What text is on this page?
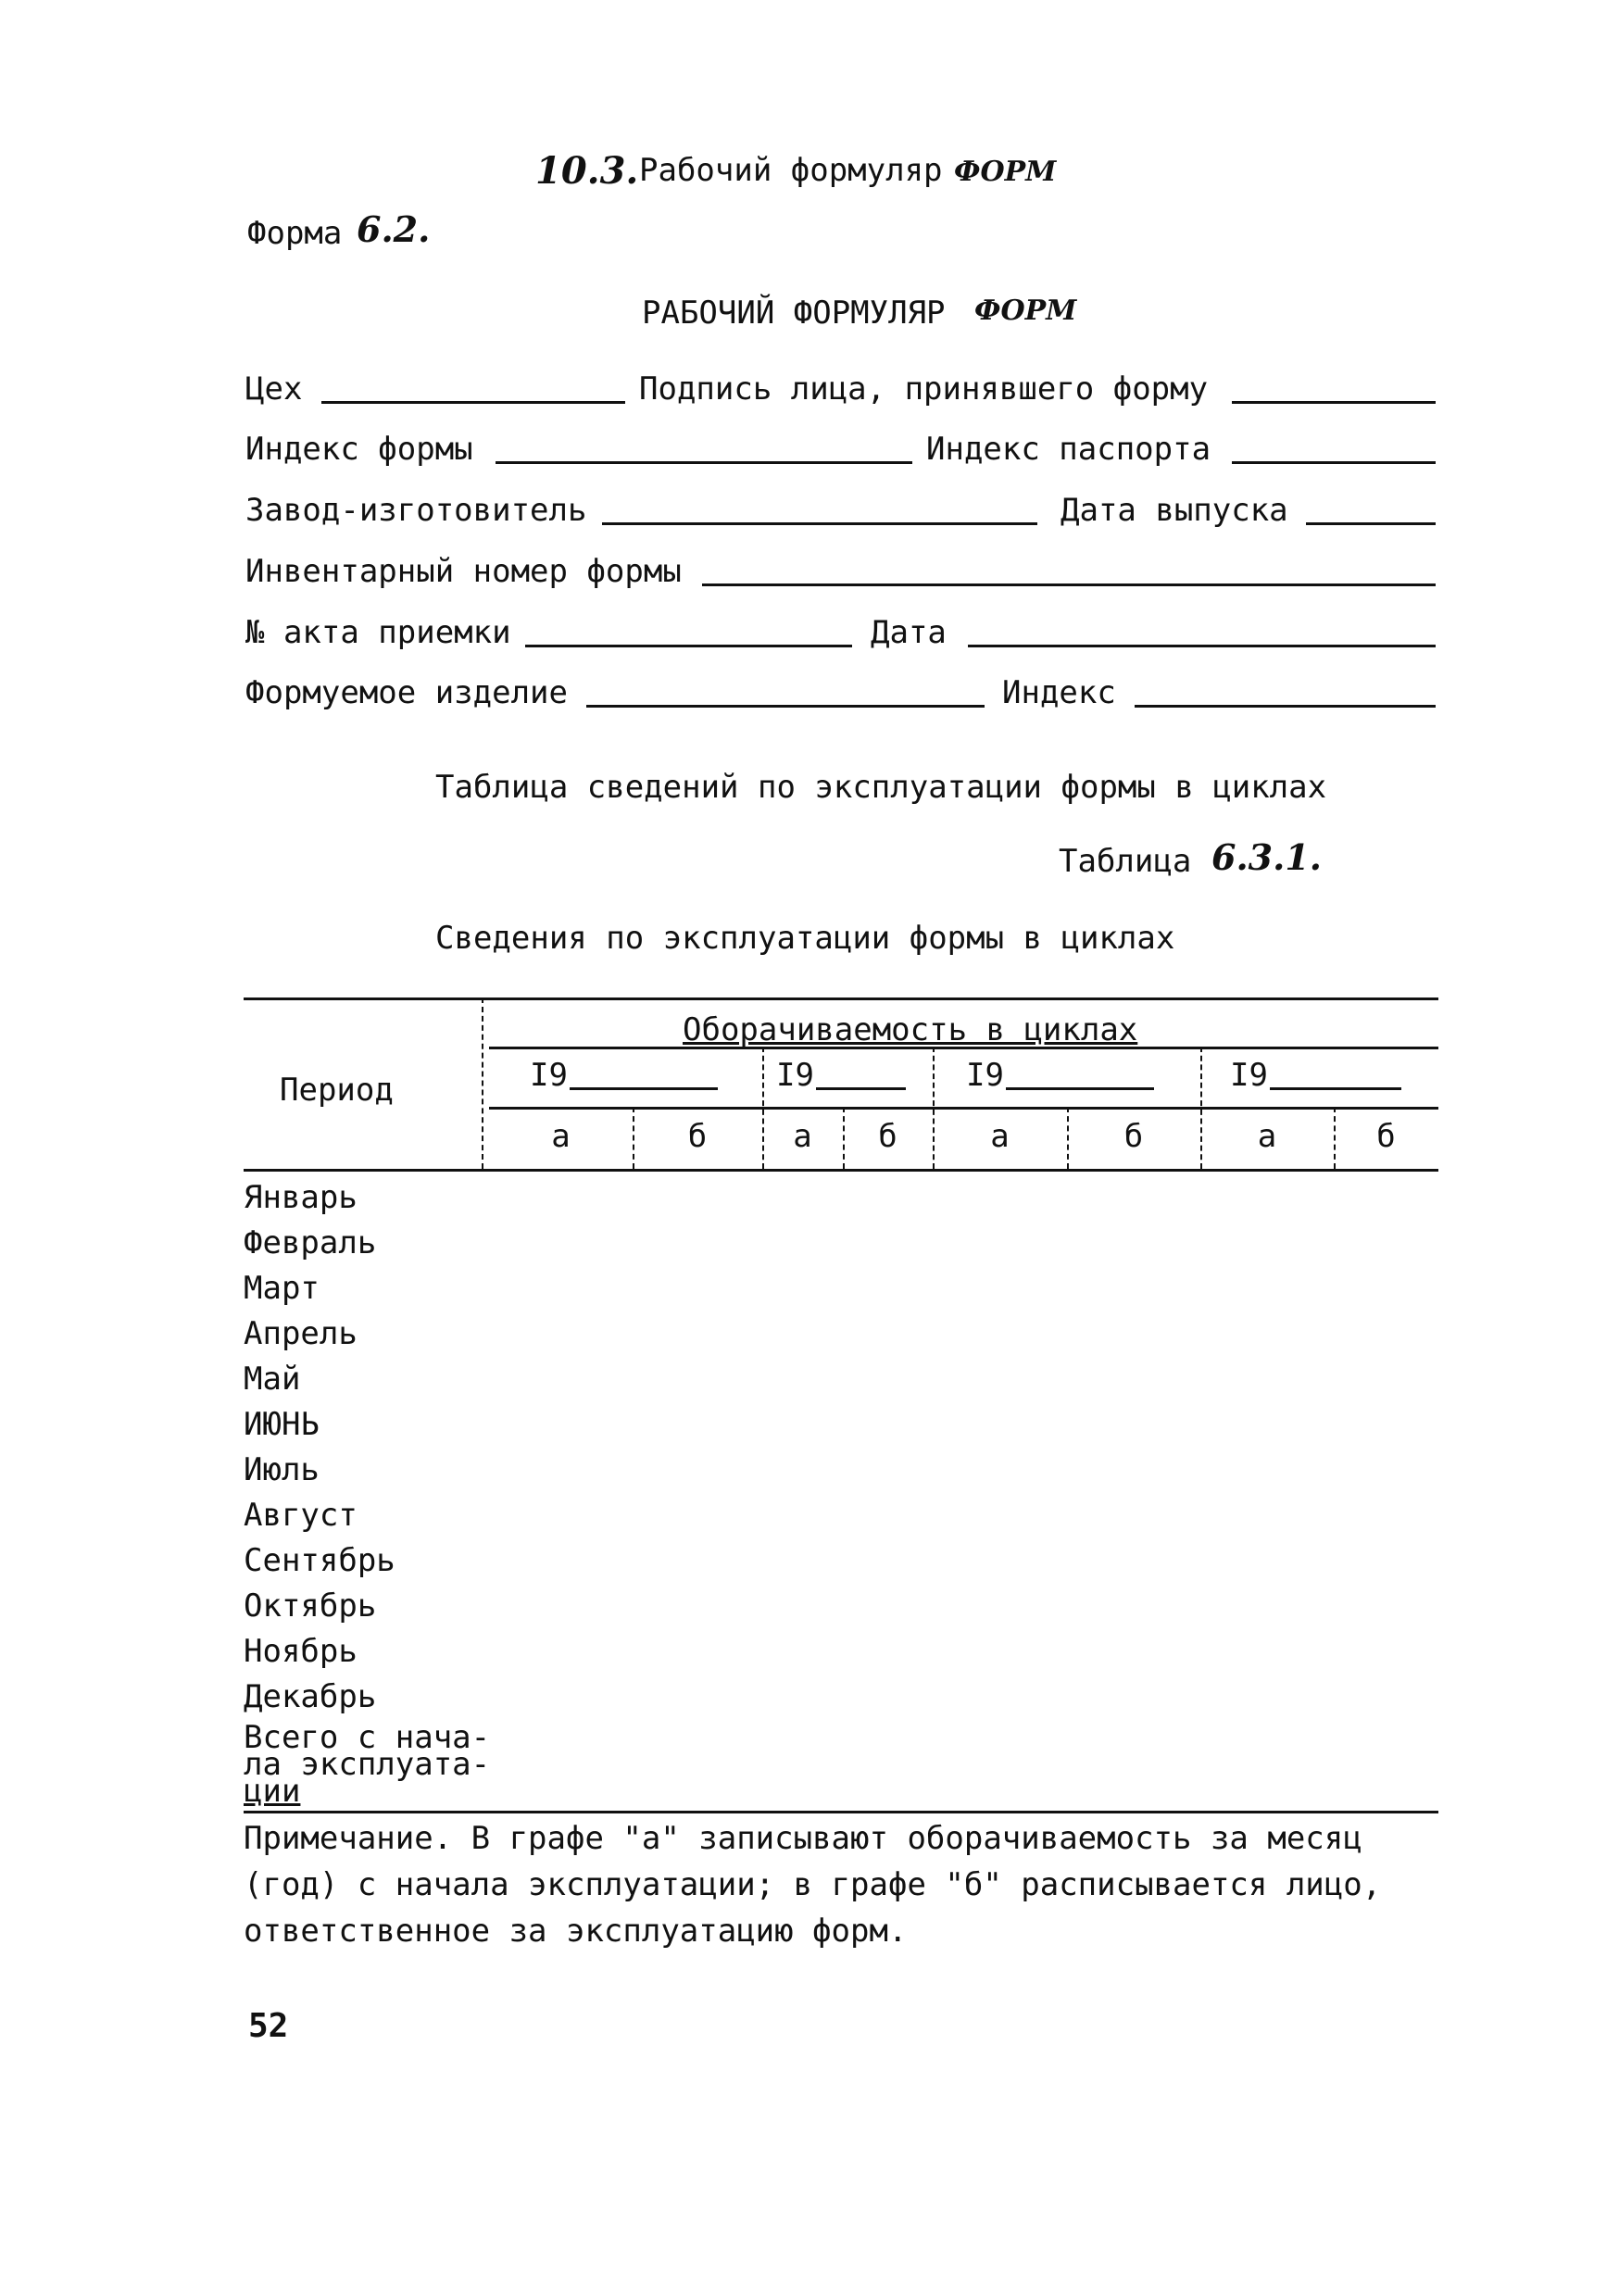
10.3. Рабочий формуляр ФОРМ
Форма 6.2.
РАБОЧИЙ ФОРМУЛЯР ФОРМ
Цех	Подпись лица, принявшего форму
Индекс формы	Индекс паспорта
Завод-изготовитель	Дата выпуска
Инвентарный номер формы
№ акта приемки	Дата
Формуемое изделие	Индекс
Таблица сведений по эксплуатации формы в циклах
Таблица 6.3.1.
Сведения по эксплуатации формы в циклах
Период
Оборачиваемость в циклах
I9	I9	I9	I9
а	б	а	б	а	б	а	б
Январь
Февраль
Март
Апрель
Май
ИЮНЬ
Июль
Август
Сентябрь
Октябрь
Ноябрь
Декабрь
Всего с нача-
ла эксплуата-
ции
Примечание. В графе "а" записывают оборачиваемость за месяц (год) с начала эксплуатации; в графе "б" расписывается лицо, ответственное за эксплуатацию форм.
52
